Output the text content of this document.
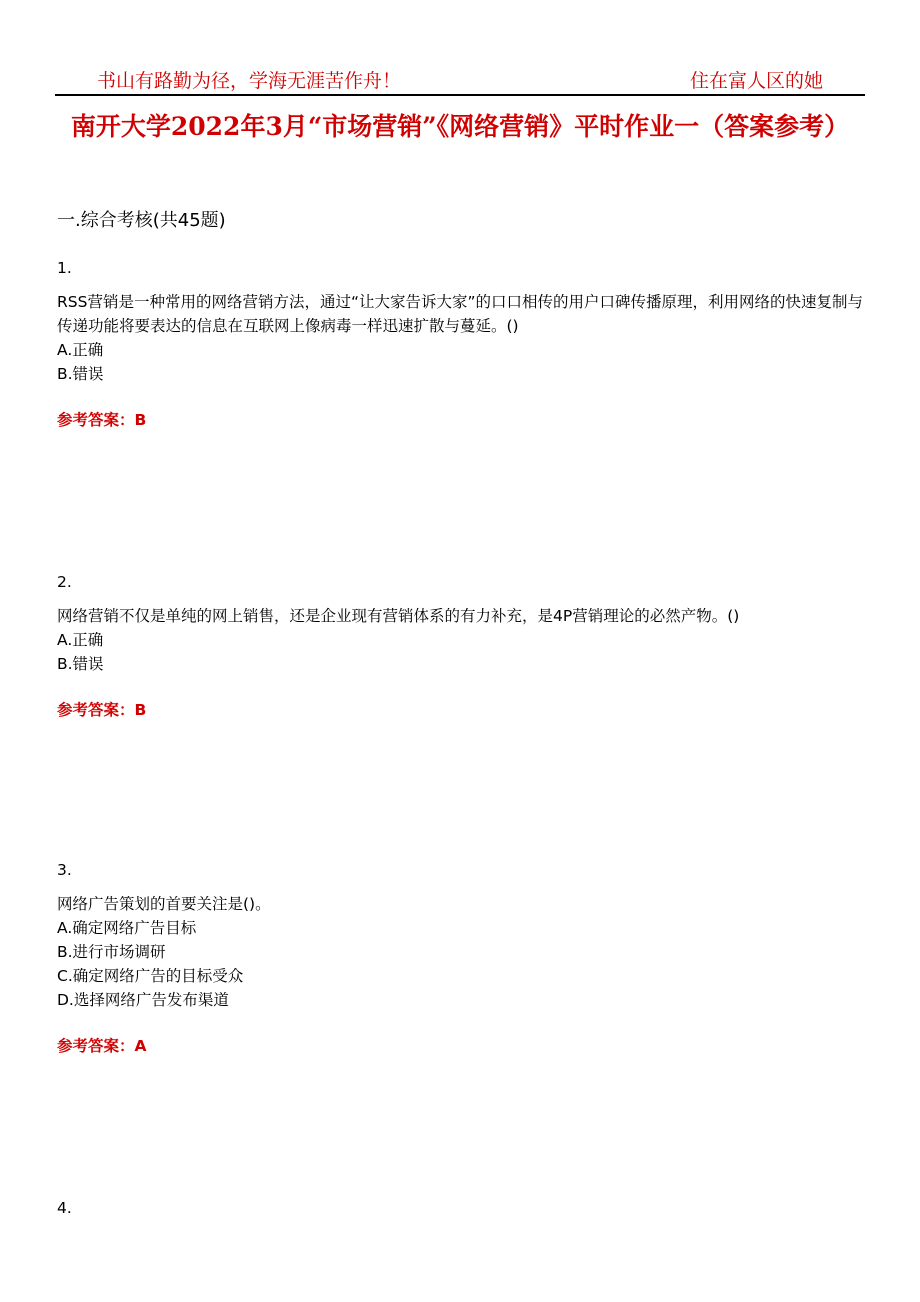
书山有路勤为径，学海无涯苦作舟！	住在富人区的她
南开大学2022年3月“市场营销”《网络营销》平时作业一（答案参考）
一.综合考核(共45题)
1.
RSS营销是一种常用的网络营销方法，通过“让大家告诉大家”的口口相传的用户口碑传播原理，利用网络的快速复制与传递功能将要表达的信息在互联网上像病毒一样迅速扩散与蔓延。()
A.正确
B.错误
参考答案：B
2.
网络营销不仅是单纯的网上销售，还是企业现有营销体系的有力补充，是4P营销理论的必然产物。()
A.正确
B.错误
参考答案：B
3.
网络广告策划的首要关注是()。
A.确定网络广告目标
B.进行市场调研
C.确定网络广告的目标受众
D.选择网络广告发布渠道
参考答案：A
4.
